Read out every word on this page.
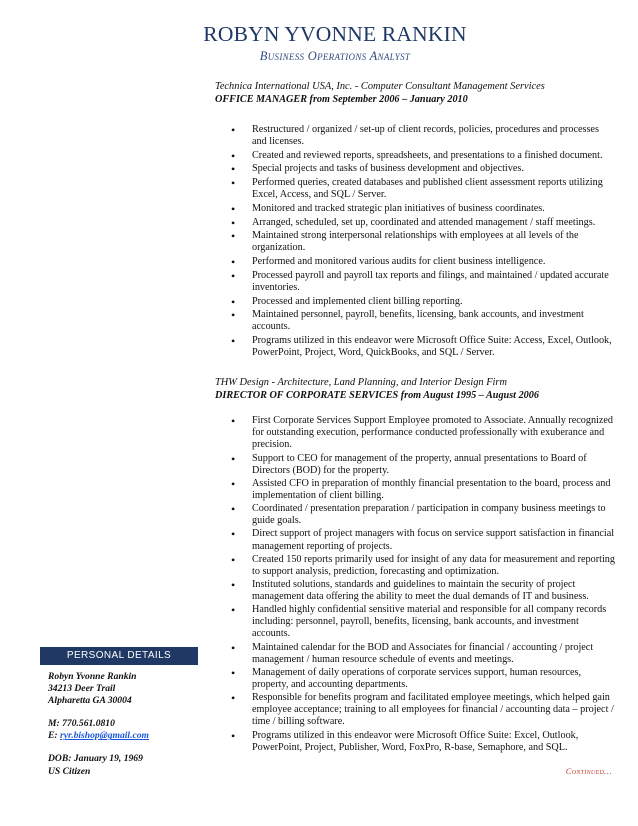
ROBYN YVONNE RANKIN
Business Operations Analyst
Technica International USA, Inc. - Computer Consultant Management Services
OFFICE MANAGER from September 2006 – January 2010
• Restructured / organized / set-up of client records, policies, procedures and processes and licenses.
• Created and reviewed reports, spreadsheets, and presentations to a finished document.
• Special projects and tasks of business development and objectives.
• Performed queries, created databases and published client assessment reports utilizing Excel, Access, and SQL / Server.
• Monitored and tracked strategic plan initiatives of business coordinates.
• Arranged, scheduled, set up, coordinated and attended management / staff meetings.
• Maintained strong interpersonal relationships with employees at all levels of the organization.
• Performed and monitored various audits for client business intelligence.
• Processed payroll and payroll tax reports and filings, and maintained / updated accurate inventories.
• Processed and implemented client billing reporting.
• Maintained personnel, payroll, benefits, licensing, bank accounts, and investment accounts.
• Programs utilized in this endeavor were Microsoft Office Suite: Access, Excel, Outlook, PowerPoint, Project, Word, QuickBooks, and SQL / Server.
THW Design - Architecture, Land Planning, and Interior Design Firm
DIRECTOR OF CORPORATE SERVICES from August 1995 – August 2006
• First Corporate Services Support Employee promoted to Associate. Annually recognized for outstanding execution, performance conducted professionally with exuberance and precision.
• Support to CEO for management of the property, annual presentations to Board of Directors (BOD) for the property.
• Assisted CFO in preparation of monthly financial presentation to the board, process and implementation of client billing.
• Coordinated / presentation preparation / participation in company business meetings to guide goals.
• Direct support of project managers with focus on service support satisfaction in financial management reporting of projects.
• Created 150 reports primarily used for insight of any data for measurement and reporting to support analysis, prediction, forecasting and optimization.
• Instituted solutions, standards and guidelines to maintain the security of project management data offering the ability to meet the dual demands of IT and business.
• Handled highly confidential sensitive material and responsible for all company records including: personnel, payroll, benefits, licensing, bank accounts, and investment accounts.
• Maintained calendar for the BOD and Associates for financial / accounting / project management / human resource schedule of events and meetings.
• Management of daily operations of corporate services support, human resources, property, and accounting departments.
• Responsible for benefits program and facilitated employee meetings, which helped gain employee acceptance; training to all employees for financial / accounting data – project / time / billing software.
• Programs utilized in this endeavor were Microsoft Office Suite: Excel, Outlook, PowerPoint, Project, Publisher, Word, FoxPro, R-base, Semaphore, and SQL.
Continued…
PERSONAL DETAILS
Robyn Yvonne Rankin
34213 Deer Trail
Alpharetta GA 30004
M: 770.561.0810
E: ryr.bishop@gmail.com
DOB: January 19, 1969
US Citizen
